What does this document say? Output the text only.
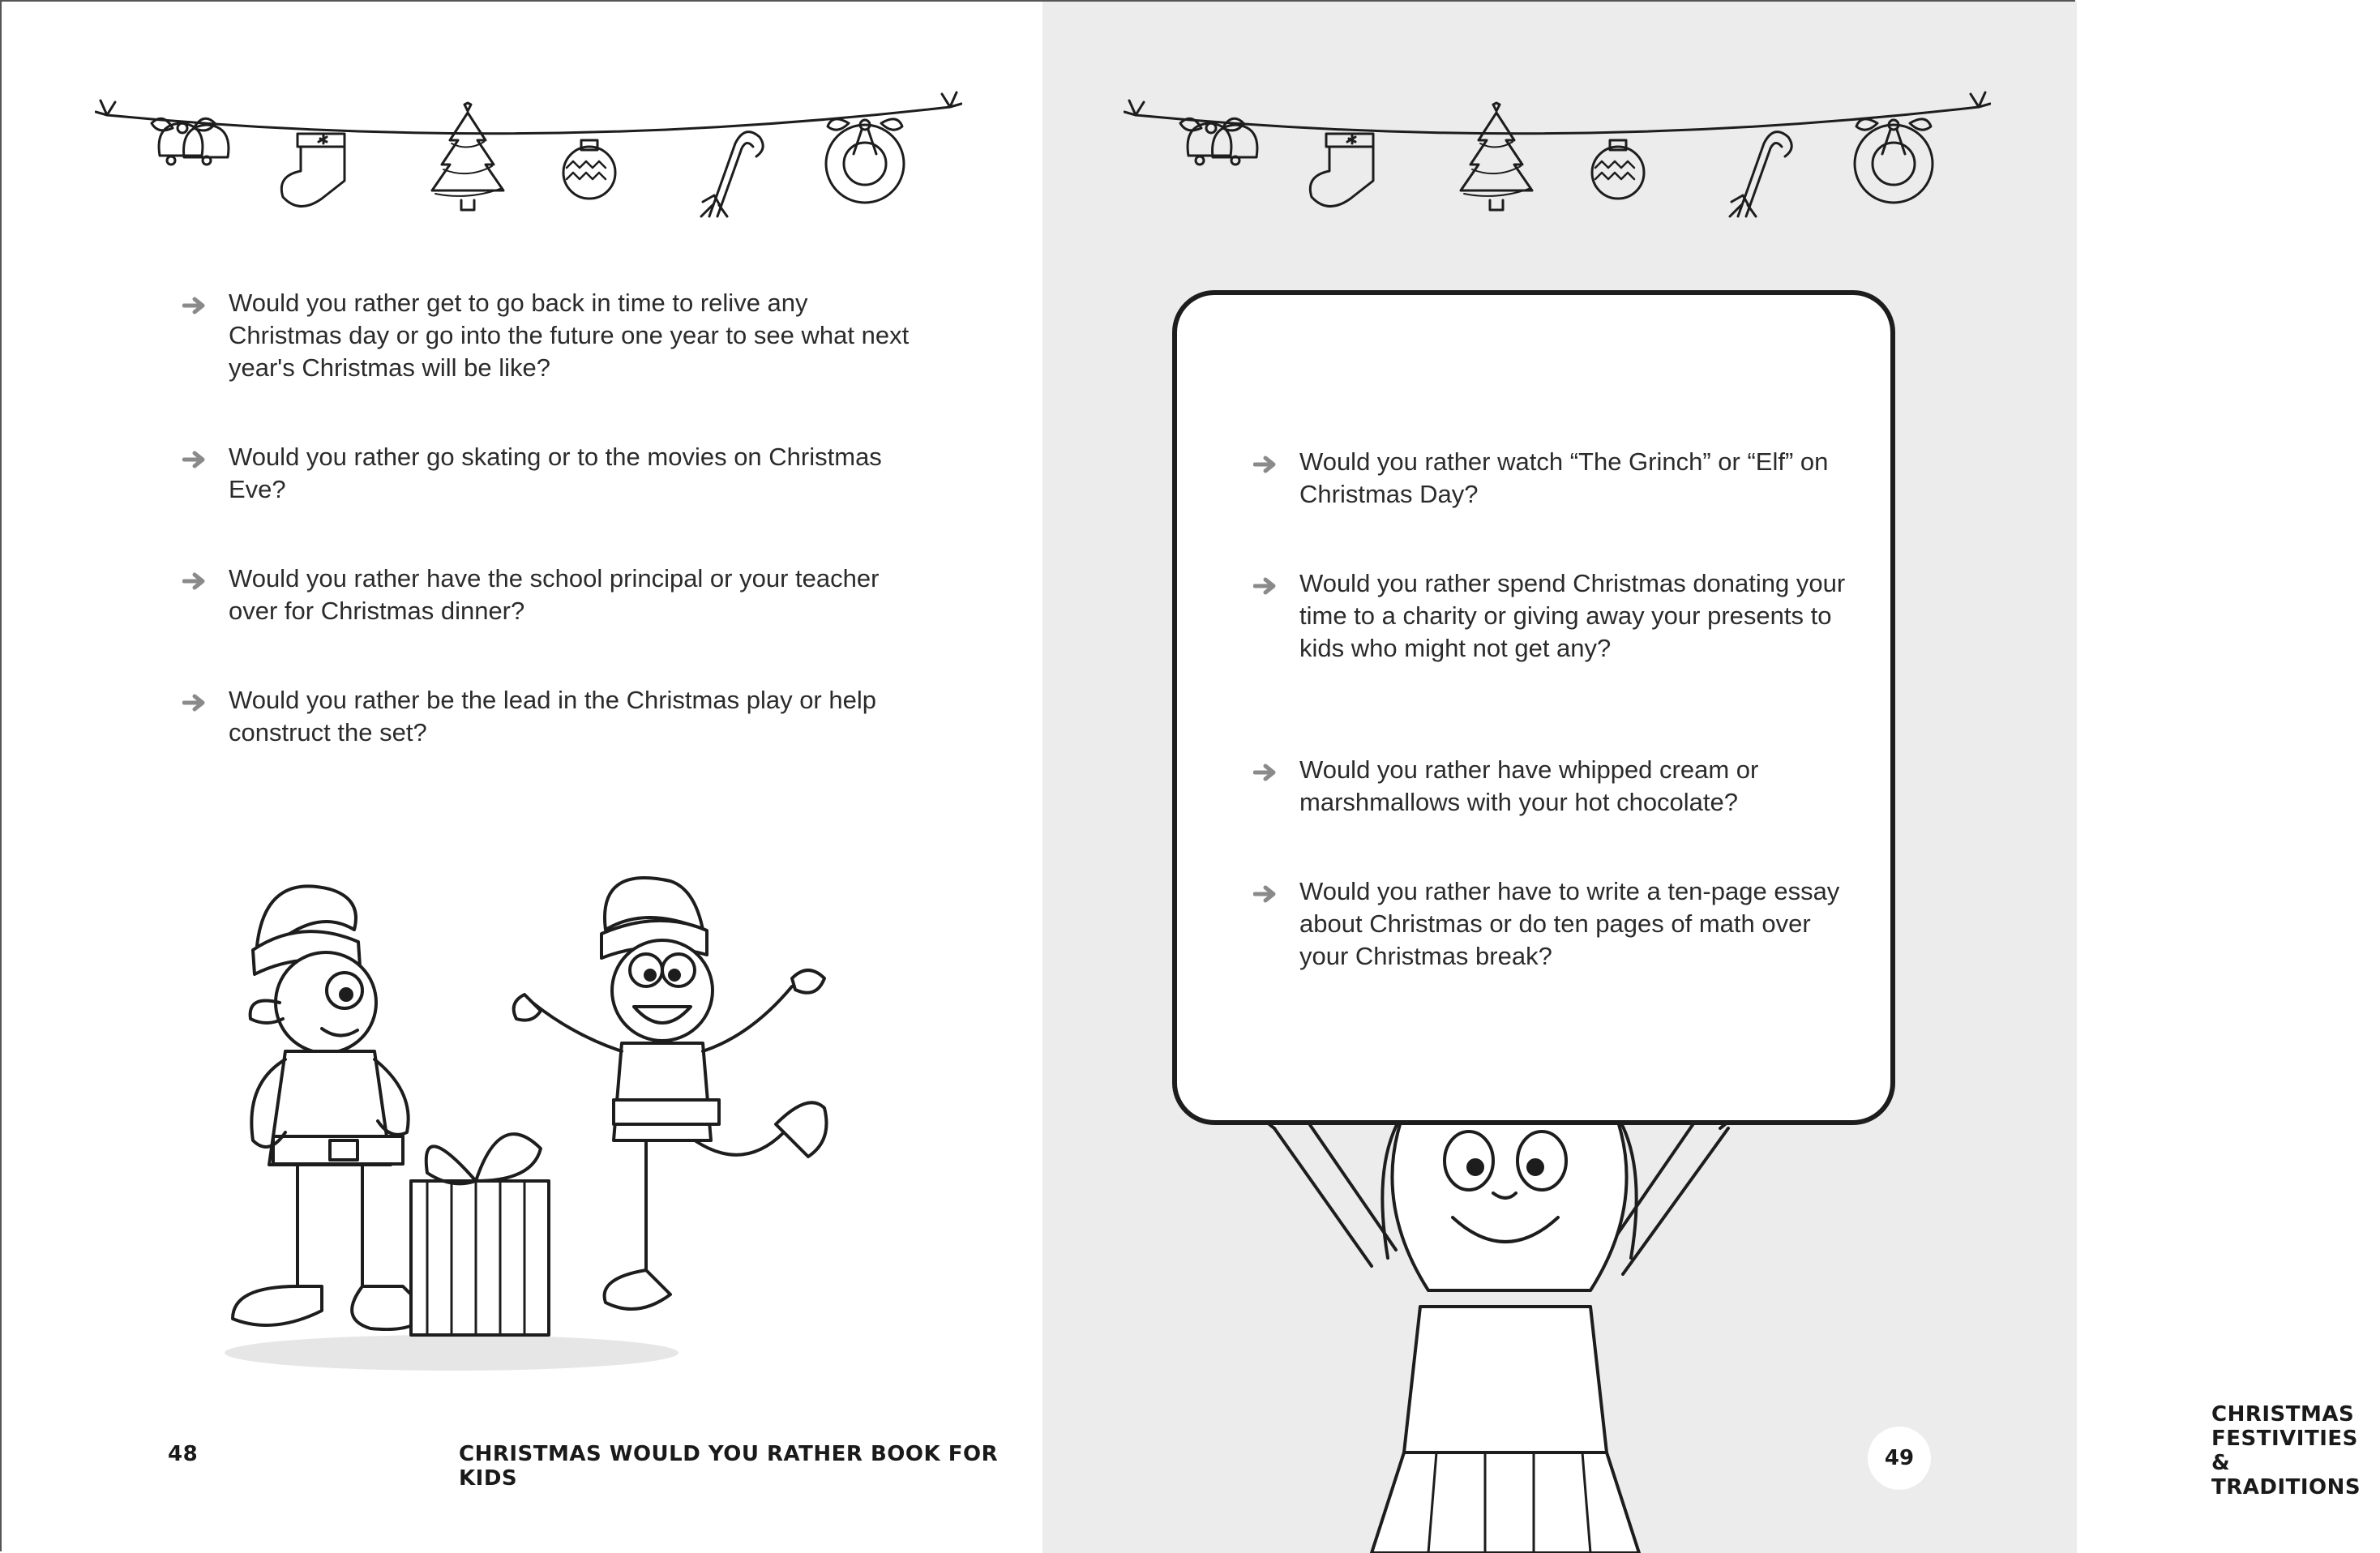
Would you rather get to go back in time to relive any Christmas day or go into the future one year to see what next year's Christmas will be like?
Would you rather go skating or to the movies on Christmas Eve?
Would you rather have the school principal or your teacher over for Christmas dinner?
Would you rather be the lead in the Christmas play or help construct the set?
48	CHRISTMAS WOULD YOU RATHER BOOK FOR KIDS
CHRISTMAS FESTIVITIES & TRADITIONS
49
Would you rather watch “The Grinch” or “Elf” on Christmas Day?
Would you rather spend Christmas donating your time to a charity or giving away your presents to kids who might not get any?
Would you rather have whipped cream or marshmallows with your hot chocolate?
Would you rather have to write a ten-page essay about Christmas or do ten pages of math over your Christmas break?
